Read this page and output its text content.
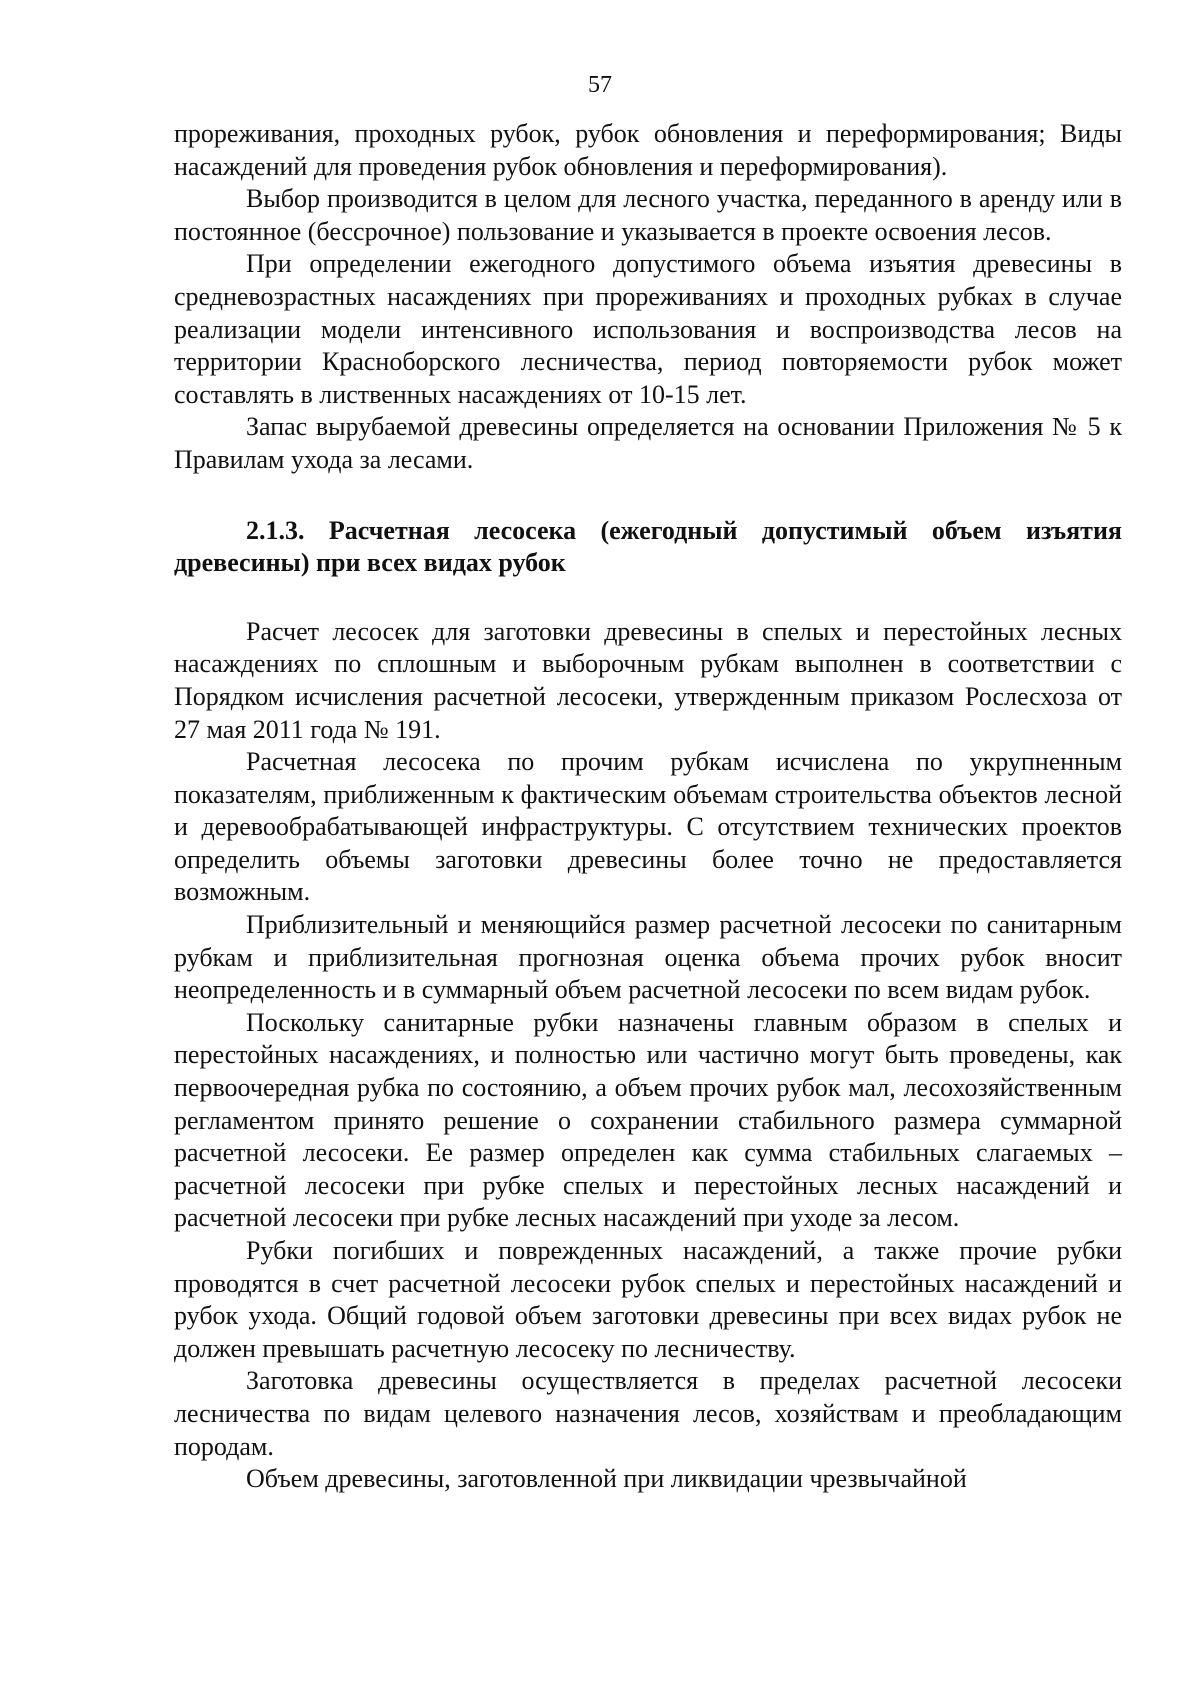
57

прореживания, проходных рубок, рубок обновления и переформирования; Виды насаждений для проведения рубок обновления и переформирования).

Выбор производится в целом для лесного участка, переданного в аренду или в постоянное (бессрочное) пользование и указывается в проекте освоения лесов.

При определении ежегодного допустимого объема изъятия древесины в средневозрастных насаждениях при прореживаниях и проходных рубках в случае реализации модели интенсивного использования и воспроизводства лесов на территории Красноборского лесничества, период повторяемости рубок может составлять в лиственных насаждениях от 10-15 лет.

Запас вырубаемой древесины определяется на основании Приложения № 5 к Правилам ухода за лесами.

2.1.3. Расчетная лесосека (ежегодный допустимый объем изъятия древесины) при всех видах рубок

Расчет лесосек для заготовки древесины в спелых и перестойных лесных насаждениях по сплошным и выборочным рубкам выполнен в соответствии с Порядком исчисления расчетной лесосеки, утвержденным приказом Рослесхоза от 27 мая 2011 года № 191.

Расчетная лесосека по прочим рубкам исчислена по укрупненным показателям, приближенным к фактическим объемам строительства объектов лесной и деревообрабатывающей инфраструктуры. С отсутствием технических проектов определить объемы заготовки древесины более точно не предоставляется возможным.

Приблизительный и меняющийся размер расчетной лесосеки по санитарным рубкам и приблизительная прогнозная оценка объема прочих рубок вносит неопределенность и в суммарный объем расчетной лесосеки по всем видам рубок.

Поскольку санитарные рубки назначены главным образом в спелых и перестойных насаждениях, и полностью или частично могут быть проведены, как первоочередная рубка по состоянию, а объем прочих рубок мал, лесохозяйственным регламентом принято решение о сохранении стабильного размера суммарной расчетной лесосеки. Ее размер определен как сумма стабильных слагаемых – расчетной лесосеки при рубке спелых и перестойных лесных насаждений и расчетной лесосеки при рубке лесных насаждений при уходе за лесом.

Рубки погибших и поврежденных насаждений, а также прочие рубки проводятся в счет расчетной лесосеки рубок спелых и перестойных насаждений и рубок ухода. Общий годовой объем заготовки древесины при всех видах рубок не должен превышать расчетную лесосеку по лесничеству.

Заготовка древесины осуществляется в пределах расчетной лесосеки лесничества по видам целевого назначения лесов, хозяйствам и преобладающим породам.

Объем древесины, заготовленной при ликвидации чрезвычайной
